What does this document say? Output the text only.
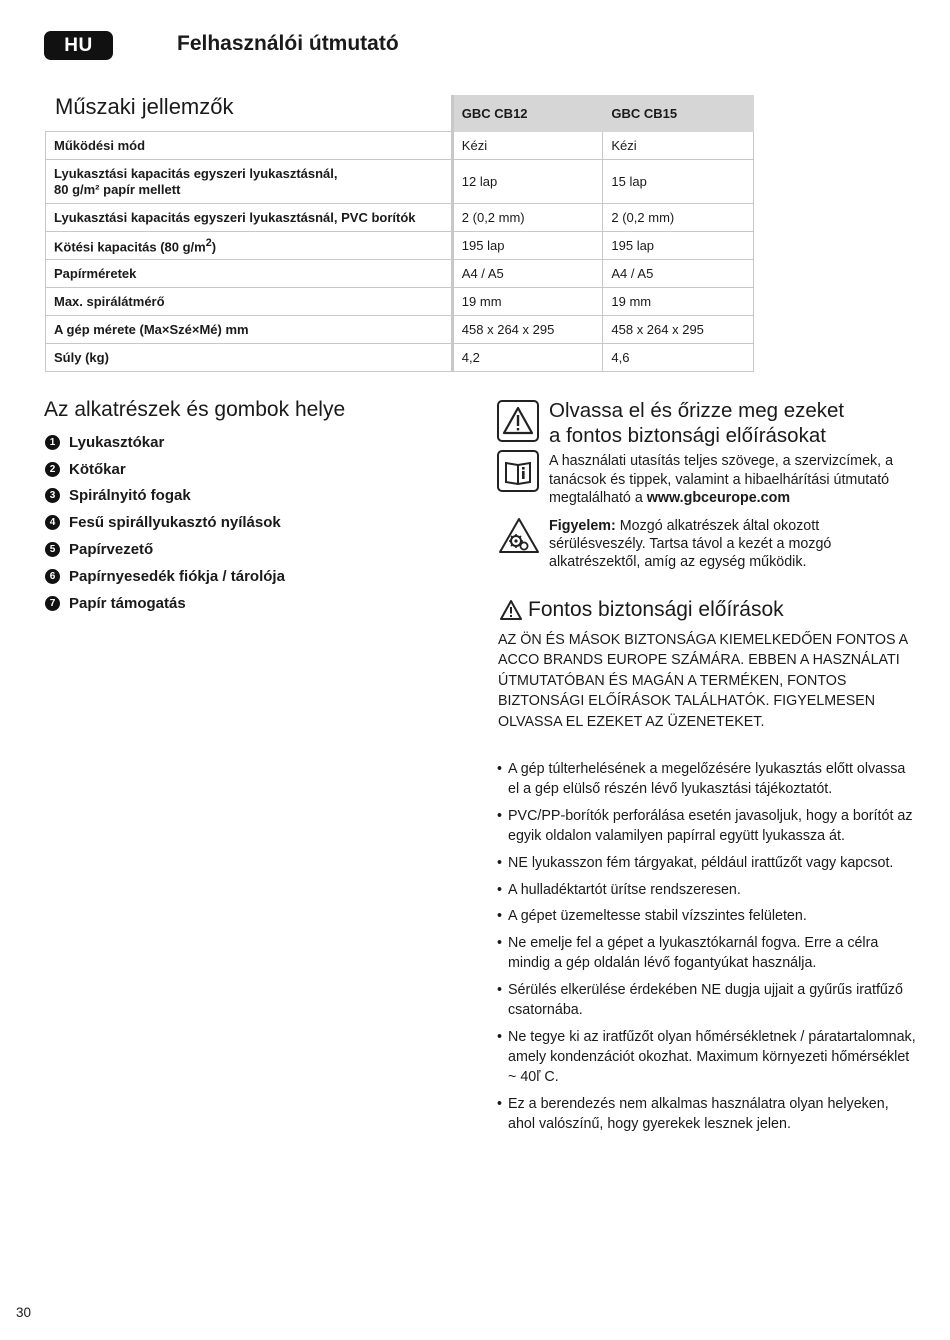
HU	Felhasználói útmutató
	GBC CB12	GBC CB15
Működési mód	Kézi	Kézi
Lyukasztási kapacitás egyszeri lyukasztásnál,
80 g/m² papír mellett	12 lap	15 lap
Lyukasztási kapacitás egyszeri lyukasztásnál, PVC borítók	2 (0,2 mm)	2 (0,2 mm)
Kötési kapacitás (80 $g/m^2$)	195 lap	195 lap
Papírméretek	A4 / A5	A4 / A5
Max. spirálátmérő	19 mm	19 mm
A gép mérete (Ma×Szé×Mé) mm	458 x 264 x 295	458 x 264 x 295
Súly (kg)	4,2	4,6
Műszaki jellemzők
Az alkatrészek és gombok helye
1 Lyukasztókar
2 Kötőkar
3 Spirálnyitó fogak
4 Fesű spirállyukasztó nyílások
5 Papírvezető
6 Papírnyesedék fiókja / tárolója
7 Papír támogatás
Olvassa el és őrizze meg ezeket
a fontos biztonsági előírásokat
A használati utasítás teljes szövege, a szervizcímek, a tanácsok és tippek, valamint a hibaelhárítási útmutató megtalálható a www.gbceurope.com
Figyelem: Mozgó alkatrészek által okozott sérülésveszély. Tartsa távol a kezét a mozgó alkatrészektől, amíg az egység működik.
Fontos biztonsági előírások
AZ ÖN ÉS MÁSOK BIZTONSÁGA KIEMELKEDŐEN FONTOS A ACCO BRANDS EUROPE SZÁMÁRA. EBBEN A HASZNÁLATI ÚTMUTATÓBAN ÉS MAGÁN A TERMÉKEN, FONTOS BIZTONSÁGI ELŐÍRÁSOK TALÁLHATÓK. FIGYELMESEN OLVASSA EL EZEKET AZ ÜZENETEKET.
• A gép túlterhelésének a megelőzésére lyukasztás előtt olvassa el a gép elülső részén lévő lyukasztási tájékoztatót.
• PVC/PP-borítók perforálása esetén javasoljuk, hogy a borítót az egyik oldalon valamilyen papírral együtt lyukassza át.
• NE lyukasszon fém tárgyakat, például irattűzőt vagy kapcsot.
• A hulladéktartót ürítse rendszeresen.
• A gépet üzemeltesse stabil vízszintes felületen.
• Ne emelje fel a gépet a lyukasztókarnál fogva. Erre a célra mindig a gép oldalán lévő fogantyúkat használja.
• Sérülés elkerülése érdekében NE dugja ujjait a gyűrűs iratfűző csatornába.
• Ne tegye ki az iratfűzőt olyan hőmérsékletnek / páratartalomnak, amely kondenzációt okozhat. Maximum környezeti hőmérséklet ~ 40ľ C.
• Ez a berendezés nem alkalmas használatra olyan helyeken, ahol valószínű, hogy gyerekek lesznek jelen.
30
